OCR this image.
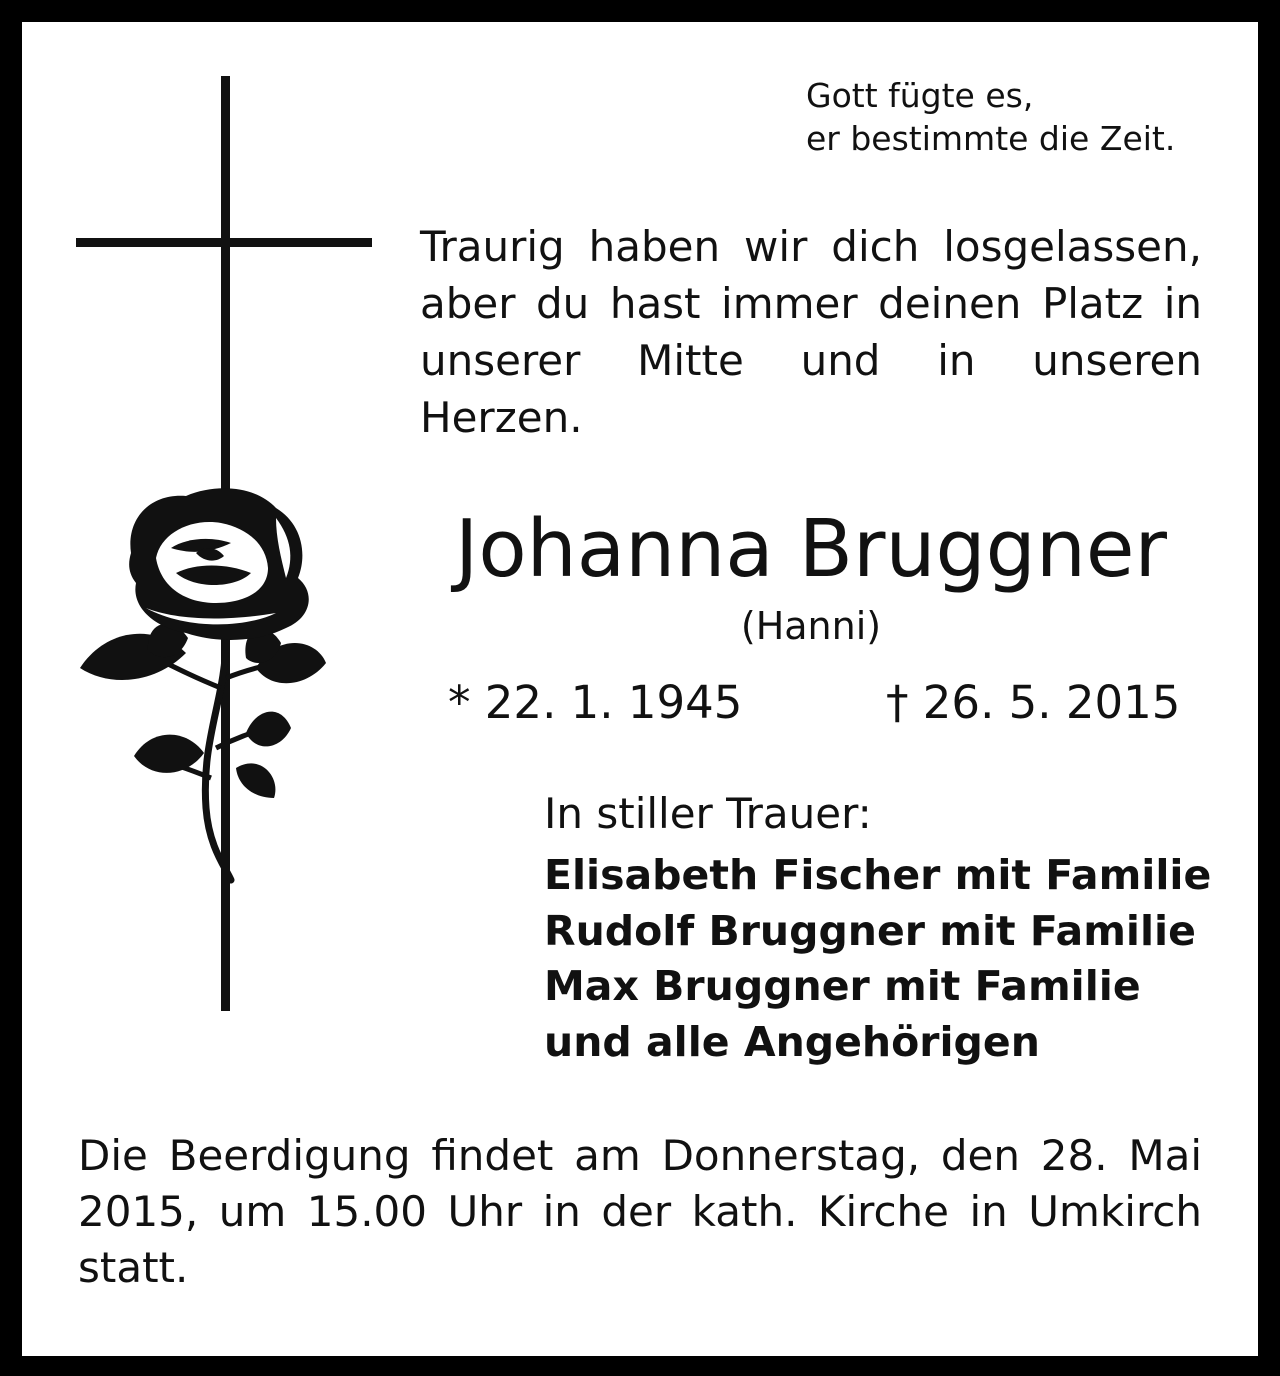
Gott fügte es,
er bestimmte die Zeit.
Traurig haben wir dich losgelassen, aber du hast immer deinen Platz in unserer Mitte und in unseren Herzen.
Johanna Bruggner
(Hanni)
* 22. 1. 1945	† 26. 5. 2015
In stiller Trauer:
Elisabeth Fischer mit Familie
Rudolf Bruggner mit Familie
Max Bruggner mit Familie
und alle Angehörigen
Die Beerdigung findet am Donnerstag, den 28. Mai 2015, um 15.00 Uhr in der kath. Kirche in Umkirch statt.
